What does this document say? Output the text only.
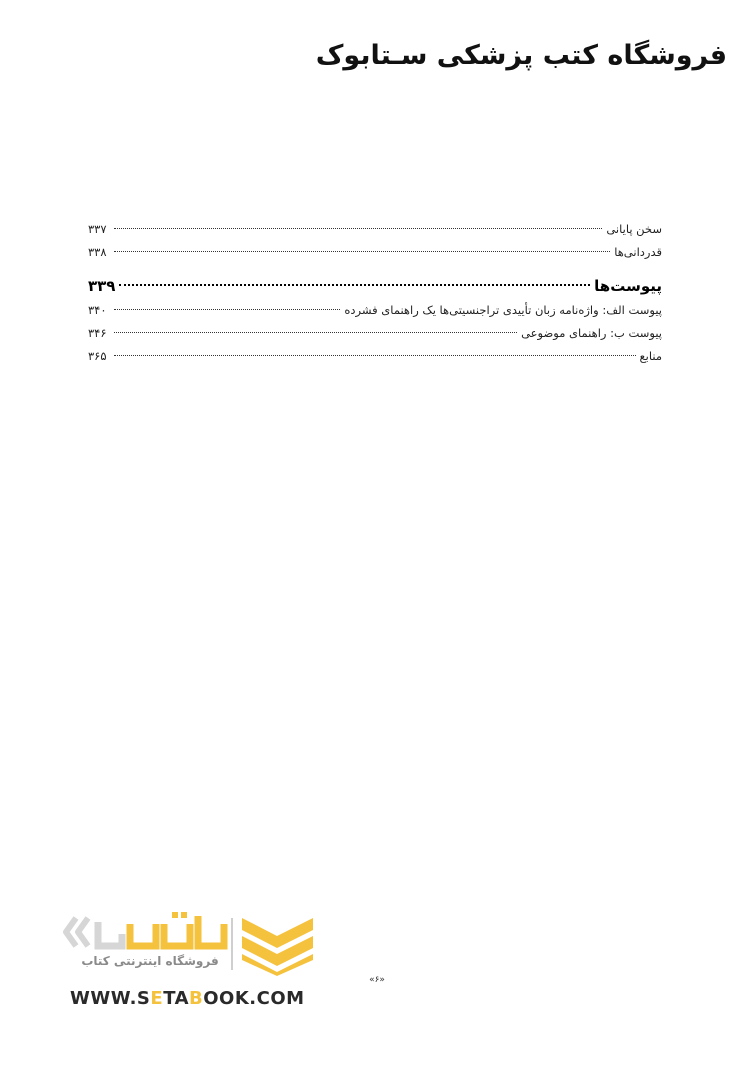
فروشگاه کتب پزشکی سـتابوک
سخن پایانی
۳۳۷
قدردانی‌ها
۳۳۸
پیوست‌ها
۳۳۹
پیوست الف: واژه‌نامه زبان تأییدی تراجنسیتی‌ها یک راهنمای فشرده
۳۴۰
پیوست ب: راهنمای موضوعی
۳۴۶
منابع
۳۶۵
«۶»
فروشگاه اینترنتی کتاب
WWW.SETABOOK.COM
